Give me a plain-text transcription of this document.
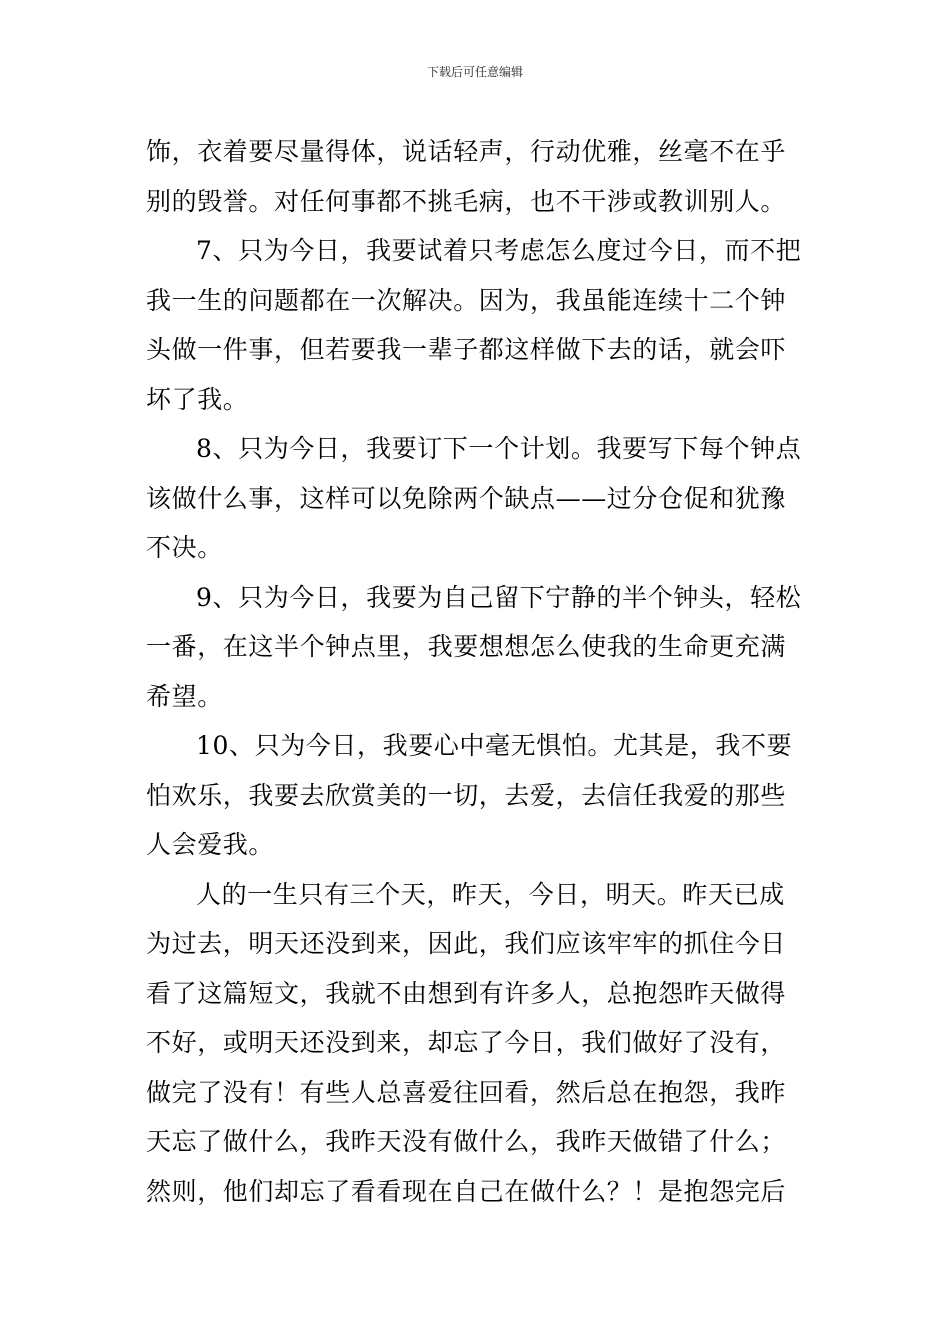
下载后可任意编辑

饰，衣着要尽量得体，说话轻声，行动优雅，丝毫不在乎
别的毁誉。对任何事都不挑毛病，也不干涉或教训别人。

7、只为今日，我要试着只考虑怎么度过今日，而不把
我一生的问题都在一次解决。因为，我虽能连续十二个钟
头做一件事，但若要我一辈子都这样做下去的话，就会吓
坏了我。

8、只为今日，我要订下一个计划。我要写下每个钟点
该做什么事，这样可以免除两个缺点——过分仓促和犹豫
不决。

9、只为今日，我要为自己留下宁静的半个钟头，轻松
一番，在这半个钟点里，我要想想怎么使我的生命更充满
希望。

10、只为今日，我要心中毫无惧怕。尤其是，我不要
怕欢乐，我要去欣赏美的一切，去爱，去信任我爱的那些
人会爱我。

人的一生只有三个天，昨天，今日，明天。昨天已成
为过去，明天还没到来，因此，我们应该牢牢的抓住今日
看了这篇短文，我就不由想到有许多人，总抱怨昨天做得
不好，或明天还没到来，却忘了今日，我们做好了没有，
做完了没有！有些人总喜爱往回看，然后总在抱怨，我昨
天忘了做什么，我昨天没有做什么，我昨天做错了什么；
然则，他们却忘了看看现在自己在做什么？！是抱怨完后
